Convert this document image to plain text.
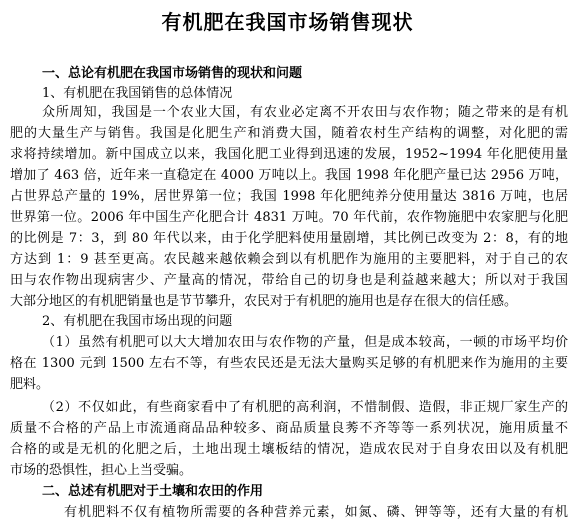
有机肥在我国市场销售现状
一、总论有机肥在我国市场销售的现状和问题
1、有机肥在我国销售的总体情况
众所周知，我国是一个农业大国，有农业必定离不开农田与农作物；随之带来的是有机
肥的大量生产与销售。我国是化肥生产和消费大国，随着农村生产结构的调整，对化肥的需
求将持续增加。新中国成立以来，我国化肥工业得到迅速的发展，1952~1994 年化肥使用量
增加了 463 倍，近年来一直稳定在 4000 万吨以上。我国 1998 年化肥产量已达 2956 万吨，
占世界总产量的 19%，居世界第一位；我国 1998 年化肥纯养分使用量达 3816 万吨，也居
世界第一位。2006 年中国生产化肥合计 4831 万吨。70 年代前，农作物施肥中农家肥与化肥
的比例是 7：3，到 80 年代以来，由于化学肥料使用量剧增，其比例已改变为 2：8，有的地
方达到 1：9 甚至更高。农民越来越依赖会到以有机肥作为施用的主要肥料，对于自己的农
田与农作物出现病害少、产量高的情况，带给自己的切身也是利益越来越大；所以对于我国
大部分地区的有机肥销量也是节节攀升，农民对于有机肥的施用也是存在很大的信任感。
2、有机肥在我国市场出现的问题
（1）虽然有机肥可以大大增加农田与农作物的产量，但是成本较高，一顿的市场平均价
格在 1300 元到 1500 左右不等，有些农民还是无法大量购买足够的有机肥来作为施用的主要
肥料。
（2）不仅如此，有些商家看中了有机肥的高利润，不惜制假、造假，非正规厂家生产的
质量不合格的产品上市流通商品品种较多、商品质量良莠不齐等等一系列状况，施用质量不
合格的或是无机的化肥之后，土地出现土壤板结的情况，造成农民对于自身农田以及有机肥
市场的恐惧性，担心上当受骗。
二、总述有机肥对于土壤和农田的作用
有机肥料不仅有植物所需要的各种营养元素，如氮、磷、钾等等，还有大量的有机
